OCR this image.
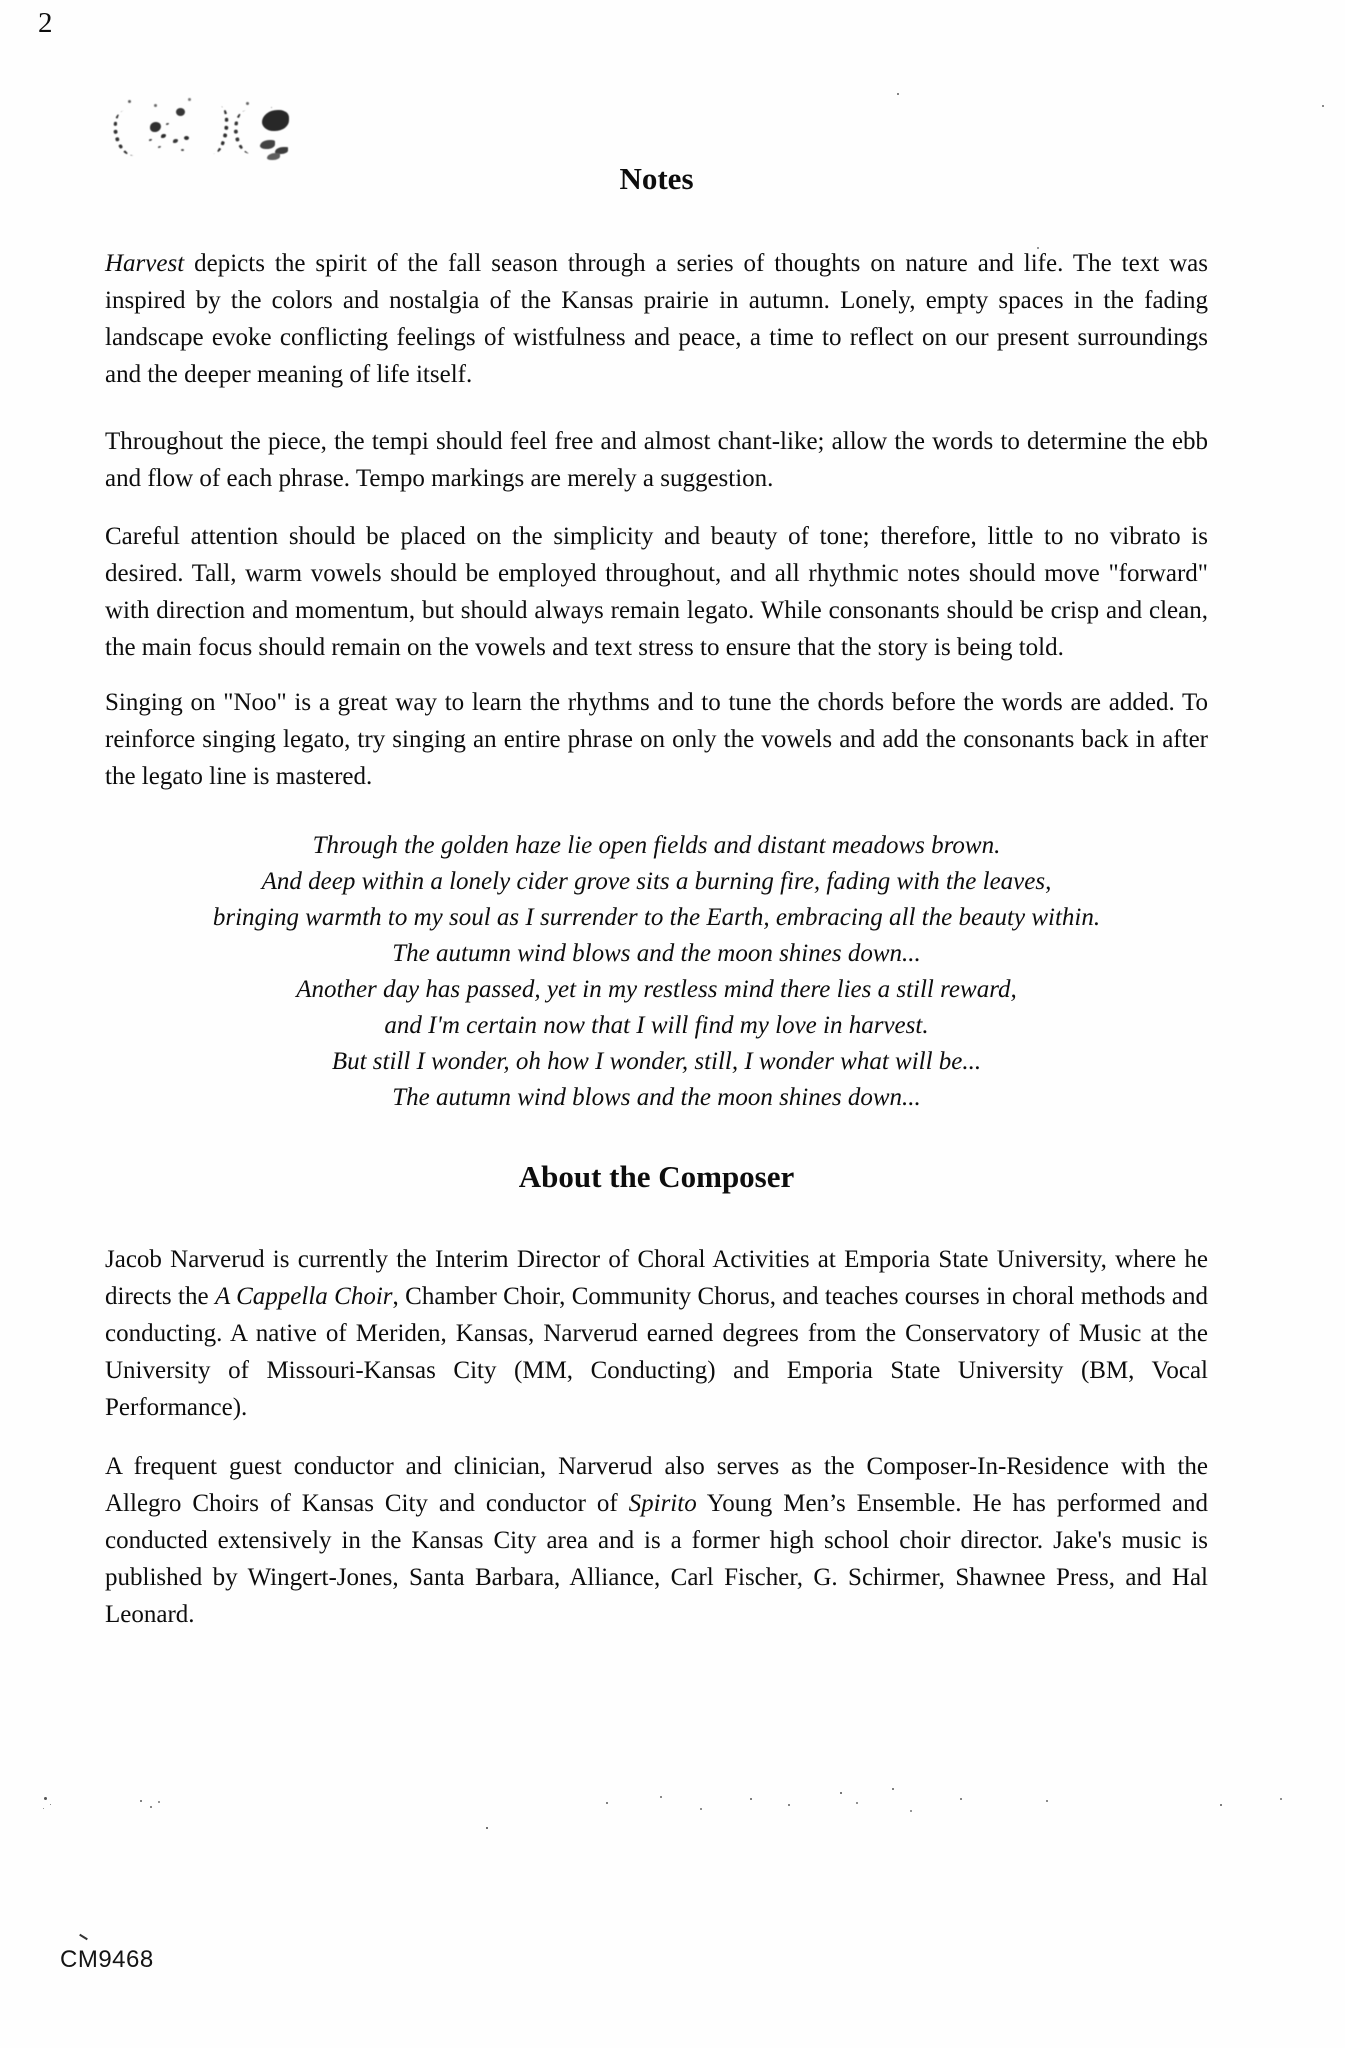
2
Notes

Harvest depicts the spirit of the fall season through a series of thoughts on nature and life. The text was inspired by the colors and nostalgia of the Kansas prairie in autumn. Lonely, empty spaces in the fading landscape evoke conflicting feelings of wistfulness and peace, a time to reflect on our present surroundings and the deeper meaning of life itself.

Throughout the piece, the tempi should feel free and almost chant-like; allow the words to determine the ebb and flow of each phrase. Tempo markings are merely a suggestion.

Careful attention should be placed on the simplicity and beauty of tone; therefore, little to no vibrato is desired. Tall, warm vowels should be employed throughout, and all rhythmic notes should move "forward" with direction and momentum, but should always remain legato. While consonants should be crisp and clean, the main focus should remain on the vowels and text stress to ensure that the story is being told.

Singing on "Noo" is a great way to learn the rhythms and to tune the chords before the words are added. To reinforce singing legato, try singing an entire phrase on only the vowels and add the consonants back in after the legato line is mastered.

Through the golden haze lie open fields and distant meadows brown.
And deep within a lonely cider grove sits a burning fire, fading with the leaves,
bringing warmth to my soul as I surrender to the Earth, embracing all the beauty within.
The autumn wind blows and the moon shines down...
Another day has passed, yet in my restless mind there lies a still reward,
and I'm certain now that I will find my love in harvest.
But still I wonder, oh how I wonder, still, I wonder what will be...
The autumn wind blows and the moon shines down...
About the Composer

Jacob Narverud is currently the Interim Director of Choral Activities at Emporia State University, where he directs the A Cappella Choir, Chamber Choir, Community Chorus, and teaches courses in choral methods and conducting. A native of Meriden, Kansas, Narverud earned degrees from the Conservatory of Music at the University of Missouri-Kansas City (MM, Conducting) and Emporia State University (BM, Vocal Performance).

A frequent guest conductor and clinician, Narverud also serves as the Composer-In-Residence with the Allegro Choirs of Kansas City and conductor of Spirito Young Men’s Ensemble. He has performed and conducted extensively in the Kansas City area and is a former high school choir director. Jake's music is published by Wingert-Jones, Santa Barbara, Alliance, Carl Fischer, G. Schirmer, Shawnee Press, and Hal Leonard.

CM9468
